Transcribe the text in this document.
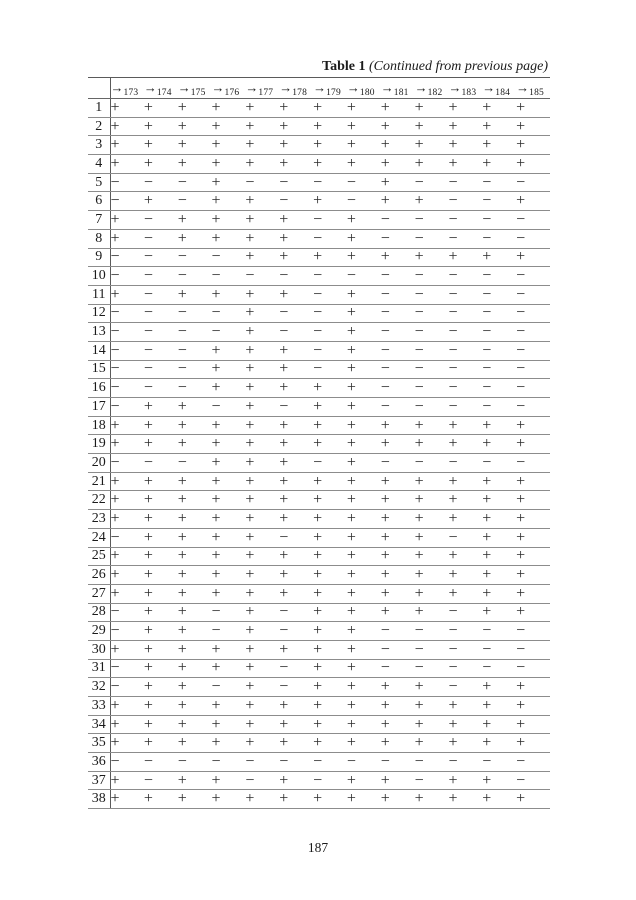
Table 1 (Continued from previous page)
	$\to_{173}$	$\to_{174}$	$\to_{175}$	$\to_{176}$	$\to_{177}$	$\to_{178}$	$\to_{179}$	$\to_{180}$	$\to_{181}$	$\to_{182}$	$\to_{183}$	$\to_{184}$	$\to_{185}$
1	+	+	+	+	+	+	+	+	+	+	+	+	+
2	+	+	+	+	+	+	+	+	+	+	+	+	+
3	+	+	+	+	+	+	+	+	+	+	+	+	+
4	+	+	+	+	+	+	+	+	+	+	+	+	+
5	−	−	−	+	−	−	−	−	+	−	−	−	−
6	−	+	−	+	+	−	+	−	+	+	−	−	+
7	+	−	+	+	+	+	−	+	−	−	−	−	−
8	+	−	+	+	+	+	−	+	−	−	−	−	−
9	−	−	−	−	+	+	+	+	+	+	+	+	+
10	−	−	−	−	−	−	−	−	−	−	−	−	−
11	+	−	+	+	+	+	−	+	−	−	−	−	−
12	−	−	−	−	+	−	−	+	−	−	−	−	−
13	−	−	−	−	+	−	−	+	−	−	−	−	−
14	−	−	−	+	+	+	−	+	−	−	−	−	−
15	−	−	−	+	+	+	−	+	−	−	−	−	−
16	−	−	−	+	+	+	+	+	−	−	−	−	−
17	−	+	+	−	+	−	+	+	−	−	−	−	−
18	+	+	+	+	+	+	+	+	+	+	+	+	+
19	+	+	+	+	+	+	+	+	+	+	+	+	+
20	−	−	−	+	+	+	−	+	−	−	−	−	−
21	+	+	+	+	+	+	+	+	+	+	+	+	+
22	+	+	+	+	+	+	+	+	+	+	+	+	+
23	+	+	+	+	+	+	+	+	+	+	+	+	+
24	−	+	+	+	+	−	+	+	+	+	−	+	+
25	+	+	+	+	+	+	+	+	+	+	+	+	+
26	+	+	+	+	+	+	+	+	+	+	+	+	+
27	+	+	+	+	+	+	+	+	+	+	+	+	+
28	−	+	+	−	+	−	+	+	+	+	−	+	+
29	−	+	+	−	+	−	+	+	−	−	−	−	−
30	+	+	+	+	+	+	+	+	−	−	−	−	−
31	−	+	+	+	+	−	+	+	−	−	−	−	−
32	−	+	+	−	+	−	+	+	+	+	−	+	+
33	+	+	+	+	+	+	+	+	+	+	+	+	+
34	+	+	+	+	+	+	+	+	+	+	+	+	+
35	+	+	+	+	+	+	+	+	+	+	+	+	+
36	−	−	−	−	−	−	−	−	−	−	−	−	−
37	+	−	+	+	−	+	−	+	+	−	+	+	−
38	+	+	+	+	+	+	+	+	+	+	+	+	+
187
